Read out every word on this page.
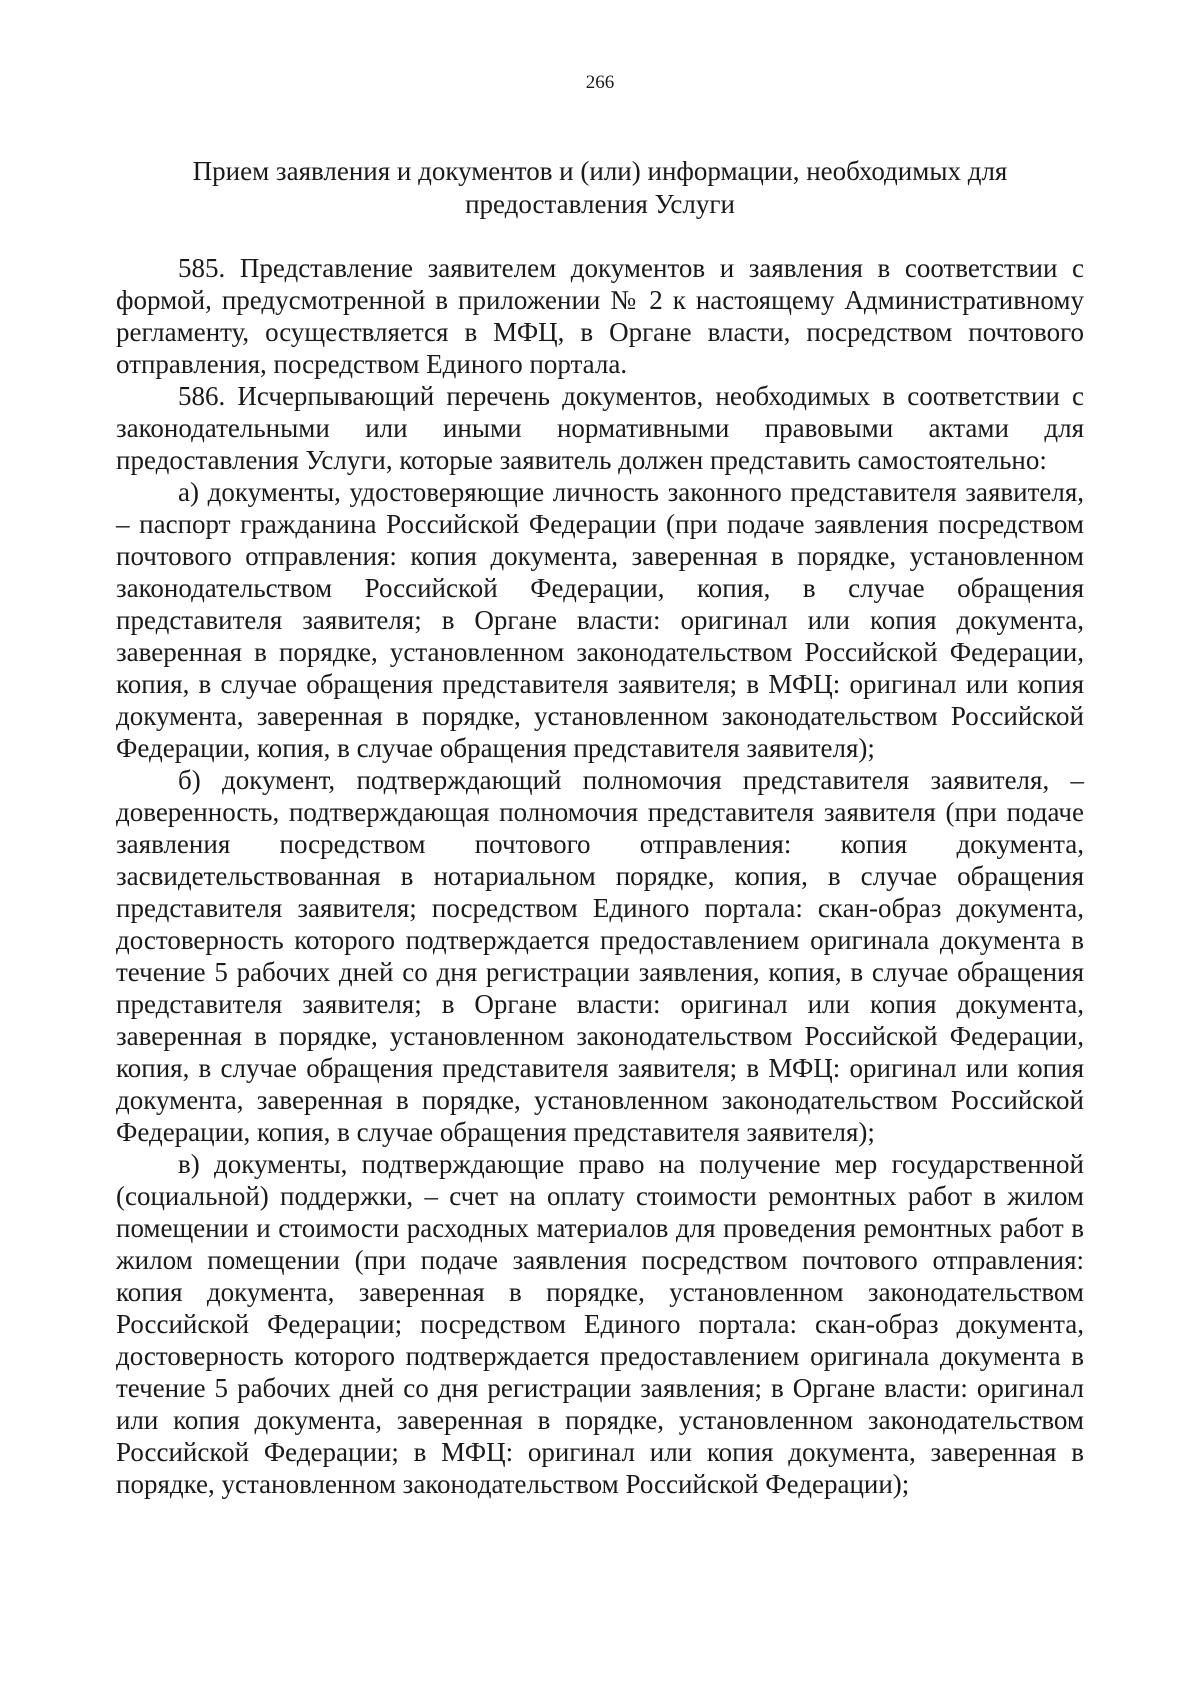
266
Прием заявления и документов и (или) информации, необходимых для предоставления Услуги

585. Представление заявителем документов и заявления в соответствии с формой, предусмотренной в приложении № 2 к настоящему Административному регламенту, осуществляется в МФЦ, в Органе власти, посредством почтового отправления, посредством Единого портала.

586. Исчерпывающий перечень документов, необходимых в соответствии с законодательными или иными нормативными правовыми актами для предоставления Услуги, которые заявитель должен представить самостоятельно:

а) документы, удостоверяющие личность законного представителя заявителя, – паспорт гражданина Российской Федерации (при подаче заявления посредством почтового отправления: копия документа, заверенная в порядке, установленном законодательством Российской Федерации, копия, в случае обращения представителя заявителя; в Органе власти: оригинал или копия документа, заверенная в порядке, установленном законодательством Российской Федерации, копия, в случае обращения представителя заявителя; в МФЦ: оригинал или копия документа, заверенная в порядке, установленном законодательством Российской Федерации, копия, в случае обращения представителя заявителя);

б) документ, подтверждающий полномочия представителя заявителя, – доверенность, подтверждающая полномочия представителя заявителя (при подаче заявления посредством почтового отправления: копия документа, засвидетельствованная в нотариальном порядке, копия, в случае обращения представителя заявителя; посредством Единого портала: скан-образ документа, достоверность которого подтверждается предоставлением оригинала документа в течение 5 рабочих дней со дня регистрации заявления, копия, в случае обращения представителя заявителя; в Органе власти: оригинал или копия документа, заверенная в порядке, установленном законодательством Российской Федерации, копия, в случае обращения представителя заявителя; в МФЦ: оригинал или копия документа, заверенная в порядке, установленном законодательством Российской Федерации, копия, в случае обращения представителя заявителя);

в) документы, подтверждающие право на получение мер государственной (социальной) поддержки, – счет на оплату стоимости ремонтных работ в жилом помещении и стоимости расходных материалов для проведения ремонтных работ в жилом помещении (при подаче заявления посредством почтового отправления: копия документа, заверенная в порядке, установленном законодательством Российской Федерации; посредством Единого портала: скан-образ документа, достоверность которого подтверждается предоставлением оригинала документа в течение 5 рабочих дней со дня регистрации заявления; в Органе власти: оригинал или копия документа, заверенная в порядке, установленном законодательством Российской Федерации; в МФЦ: оригинал или копия документа, заверенная в порядке, установленном законодательством Российской Федерации);
